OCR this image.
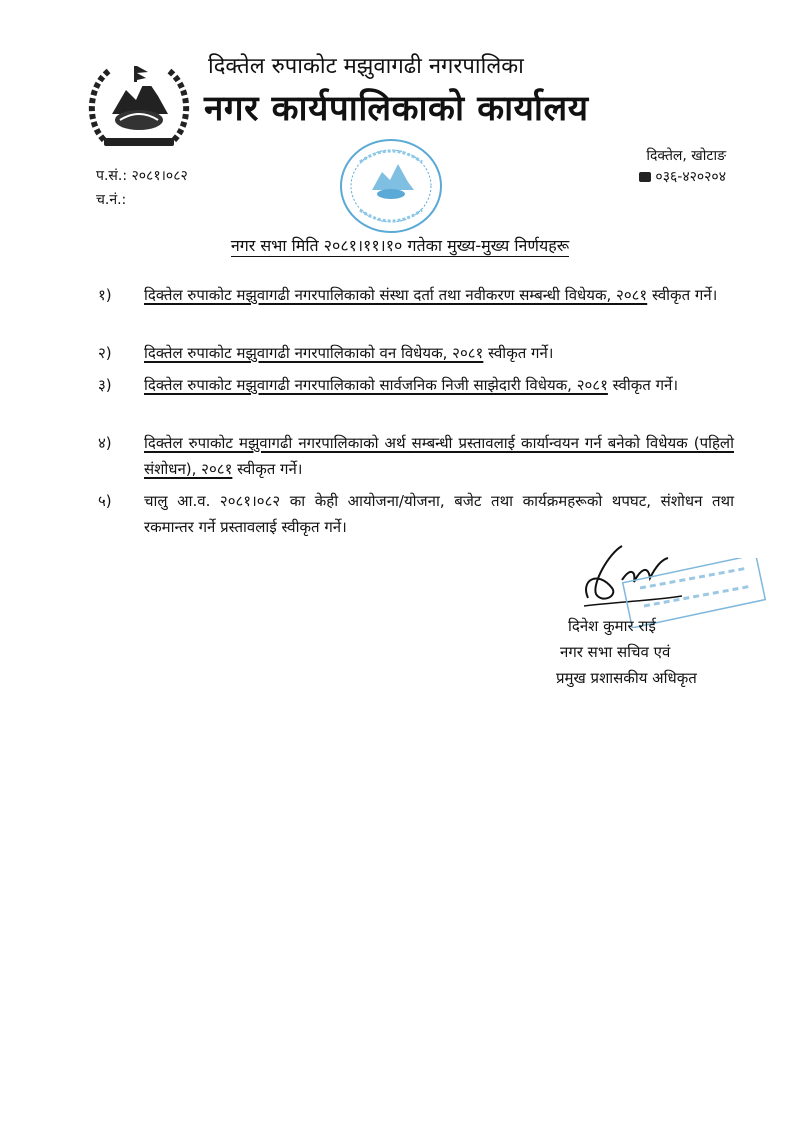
दिक्तेल रुपाकोट मझुवागढी नगरपालिका
नगर कार्यपालिकाको कार्यालय
दिक्तेल, खोटाङ
०३६-४२०२०४
प.सं.: २०८१।०८२
च.नं.:
नगर सभा मिति २०८१।११।१० गतेका मुख्य-मुख्य निर्णयहरू
१)	दिक्तेल रुपाकोट मझुवागढी नगरपालिकाको संस्था दर्ता तथा नवीकरण सम्बन्धी विधेयक, २०८१ स्वीकृत गर्ने।
२)	दिक्तेल रुपाकोट मझुवागढी नगरपालिकाको वन विधेयक, २०८१ स्वीकृत गर्ने।
३)	दिक्तेल रुपाकोट मझुवागढी नगरपालिकाको सार्वजनिक निजी साझेदारी विधेयक, २०८१ स्वीकृत गर्ने।
४)	दिक्तेल रुपाकोट मझुवागढी नगरपालिकाको अर्थ सम्बन्धी प्रस्तावलाई कार्यान्वयन गर्न बनेको विधेयक (पहिलो संशोधन), २०८१ स्वीकृत गर्ने।
५)	चालु आ.व. २०८१।०८२ का केही आयोजना/योजना, बजेट तथा कार्यक्रमहरूको थपघट, संशोधन तथा रकमान्तर गर्ने प्रस्तावलाई स्वीकृत गर्ने।
दिनेश कुमार राई
नगर सभा सचिव एवं
प्रमुख प्रशासकीय अधिकृत
